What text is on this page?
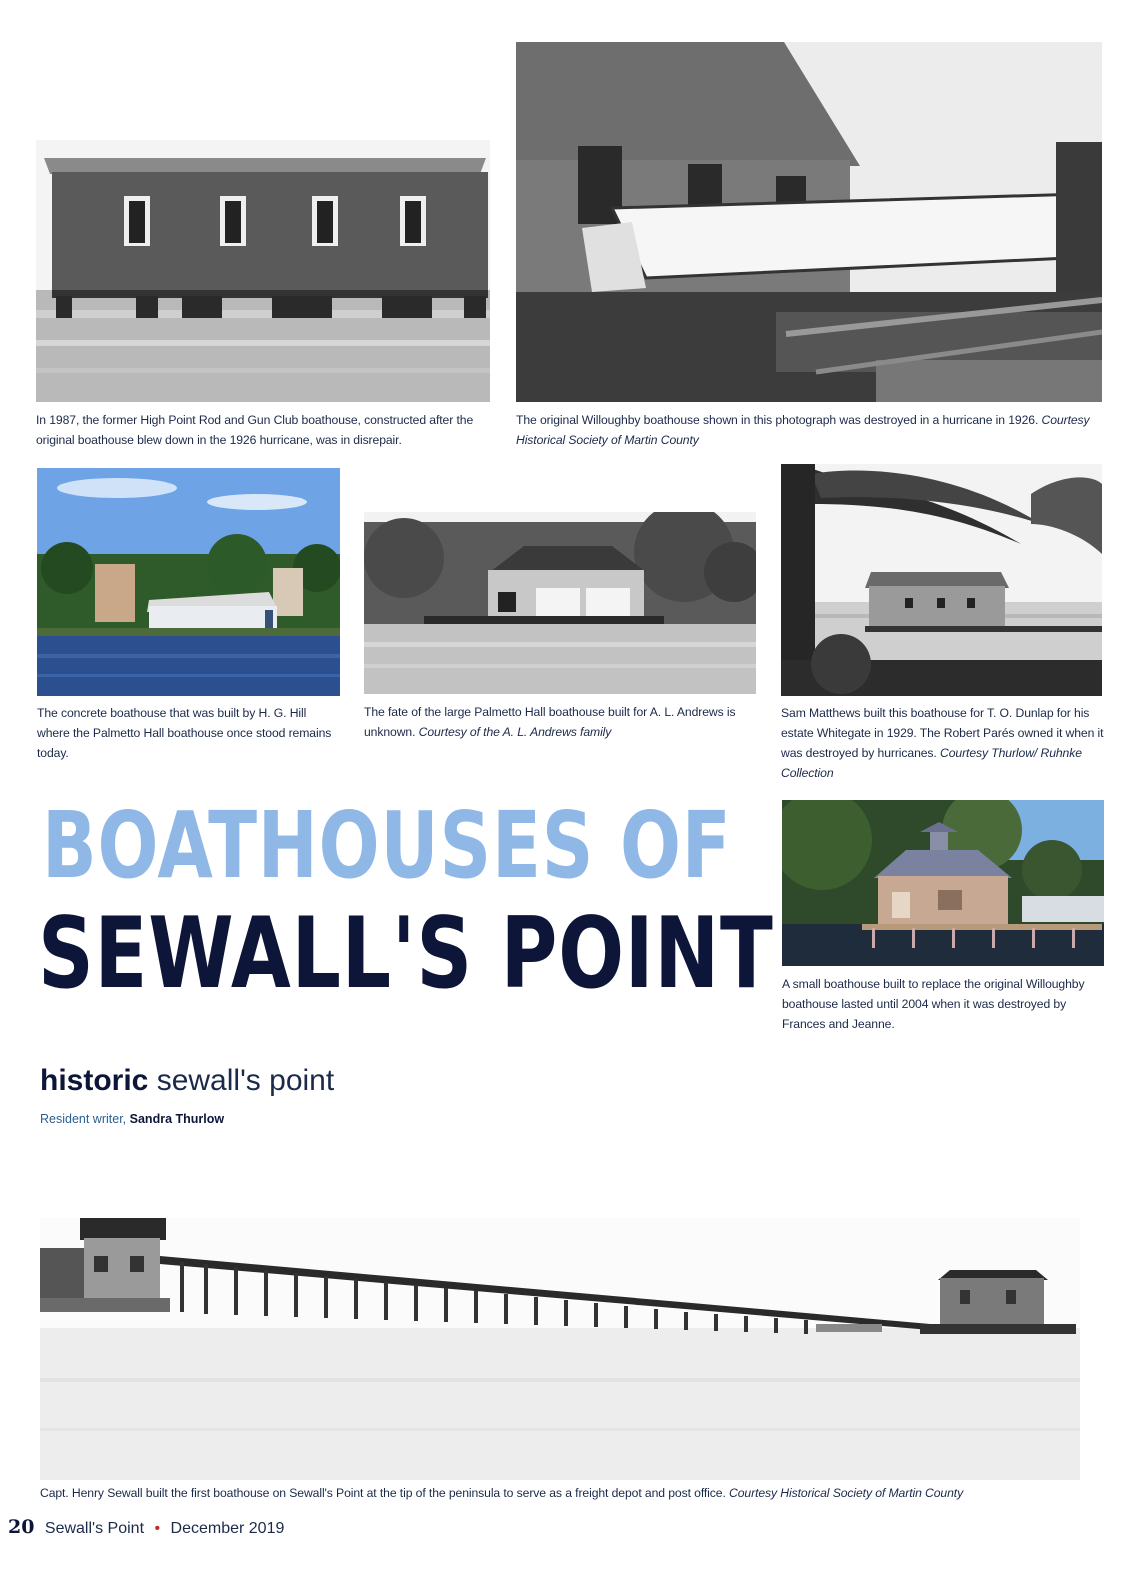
In 1987, the former High Point Rod and Gun Club boathouse, constructed after the original boathouse blew down in the 1926 hurricane, was in disrepair.
The original Willoughby boathouse shown in this photograph was destroyed in a hurricane in 1926. Courtesy Historical Society of Martin County
The concrete boathouse that was built by H. G. Hill where the Palmetto Hall boathouse once stood remains today.
The fate of the large Palmetto Hall boathouse built for A. L. Andrews is unknown. Courtesy of the A. L. Andrews family
Sam Matthews built this boathouse for T. O. Dunlap for his estate Whitegate in 1929. The Robert Parés owned it when it was destroyed by hurricanes. Courtesy Thurlow/ Ruhnke Collection
BOATHOUSES OF
SEWALL'S POINT A small boathouse built to replace the original Willoughby boathouse lasted until 2004 when it was destroyed by Frances and Jeanne.
historic sewall's point
Resident writer, Sandra Thurlow
Capt. Henry Sewall built the first boathouse on Sewall's Point at the tip of the peninsula to serve as a freight depot and post office. Courtesy Historical Society of Martin County
20 Sewall's Point • December 2019
